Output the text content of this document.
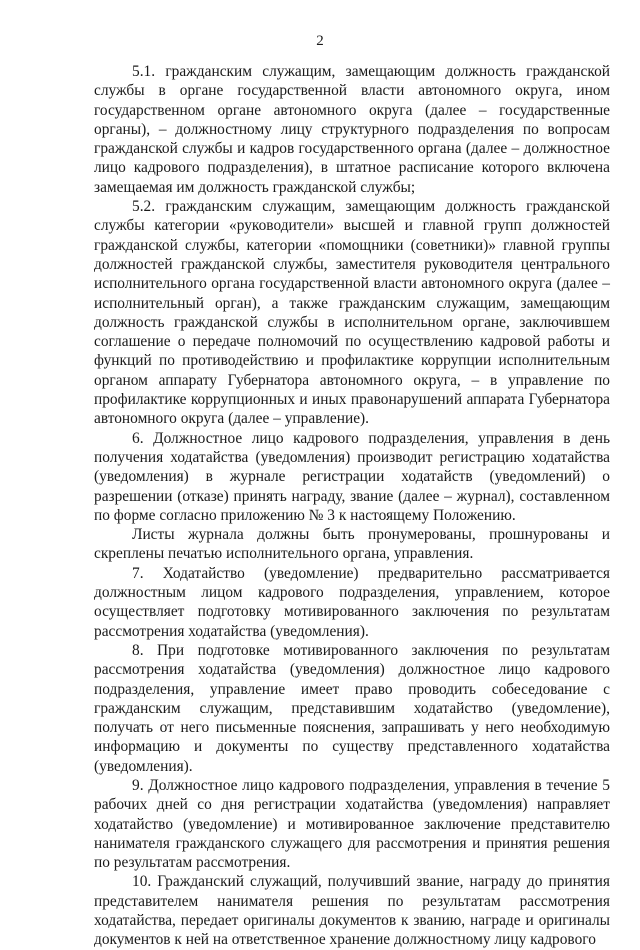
2

5.1. гражданским служащим, замещающим должность гражданской службы в органе государственной власти автономного округа, ином государственном органе автономного округа (далее – государственные органы), – должностному лицу структурного подразделения по вопросам гражданской службы и кадров государственного органа (далее – должностное лицо кадрового подразделения), в штатное расписание которого включена замещаемая им должность гражданской службы;

5.2. гражданским служащим, замещающим должность гражданской службы категории «руководители» высшей и главной групп должностей гражданской службы, категории «помощники (советники)» главной группы должностей гражданской службы, заместителя руководителя центрального исполнительного органа государственной власти автономного округа (далее – исполнительный орган), а также гражданским служащим, замещающим должность гражданской службы в исполнительном органе, заключившем соглашение о передаче полномочий по осуществлению кадровой работы и функций по противодействию и профилактике коррупции исполнительным органом аппарату Губернатора автономного округа, – в управление по профилактике коррупционных и иных правонарушений аппарата Губернатора автономного округа (далее – управление).

6. Должностное лицо кадрового подразделения, управления в день получения ходатайства (уведомления) производит регистрацию ходатайства (уведомления) в журнале регистрации ходатайств (уведомлений) о разрешении (отказе) принять награду, звание (далее – журнал), составленном по форме согласно приложению № 3 к настоящему Положению.

Листы журнала должны быть пронумерованы, прошнурованы и скреплены печатью исполнительного органа, управления.

7. Ходатайство (уведомление) предварительно рассматривается должностным лицом кадрового подразделения, управлением, которое осуществляет подготовку мотивированного заключения по результатам рассмотрения ходатайства (уведомления).

8. При подготовке мотивированного заключения по результатам рассмотрения ходатайства (уведомления) должностное лицо кадрового подразделения, управление имеет право проводить собеседование с гражданским служащим, представившим ходатайство (уведомление), получать от него письменные пояснения, запрашивать у него необходимую информацию и документы по существу представленного ходатайства (уведомления).

9. Должностное лицо кадрового подразделения, управления в течение 5 рабочих дней со дня регистрации ходатайства (уведомления) направляет ходатайство (уведомление) и мотивированное заключение представителю нанимателя гражданского служащего для рассмотрения и принятия решения по результатам рассмотрения.

10. Гражданский служащий, получивший звание, награду до принятия представителем нанимателя решения по результатам рассмотрения ходатайства, передает оригиналы документов к званию, награде и оригиналы документов к ней на ответственное хранение должностному лицу кадрового
